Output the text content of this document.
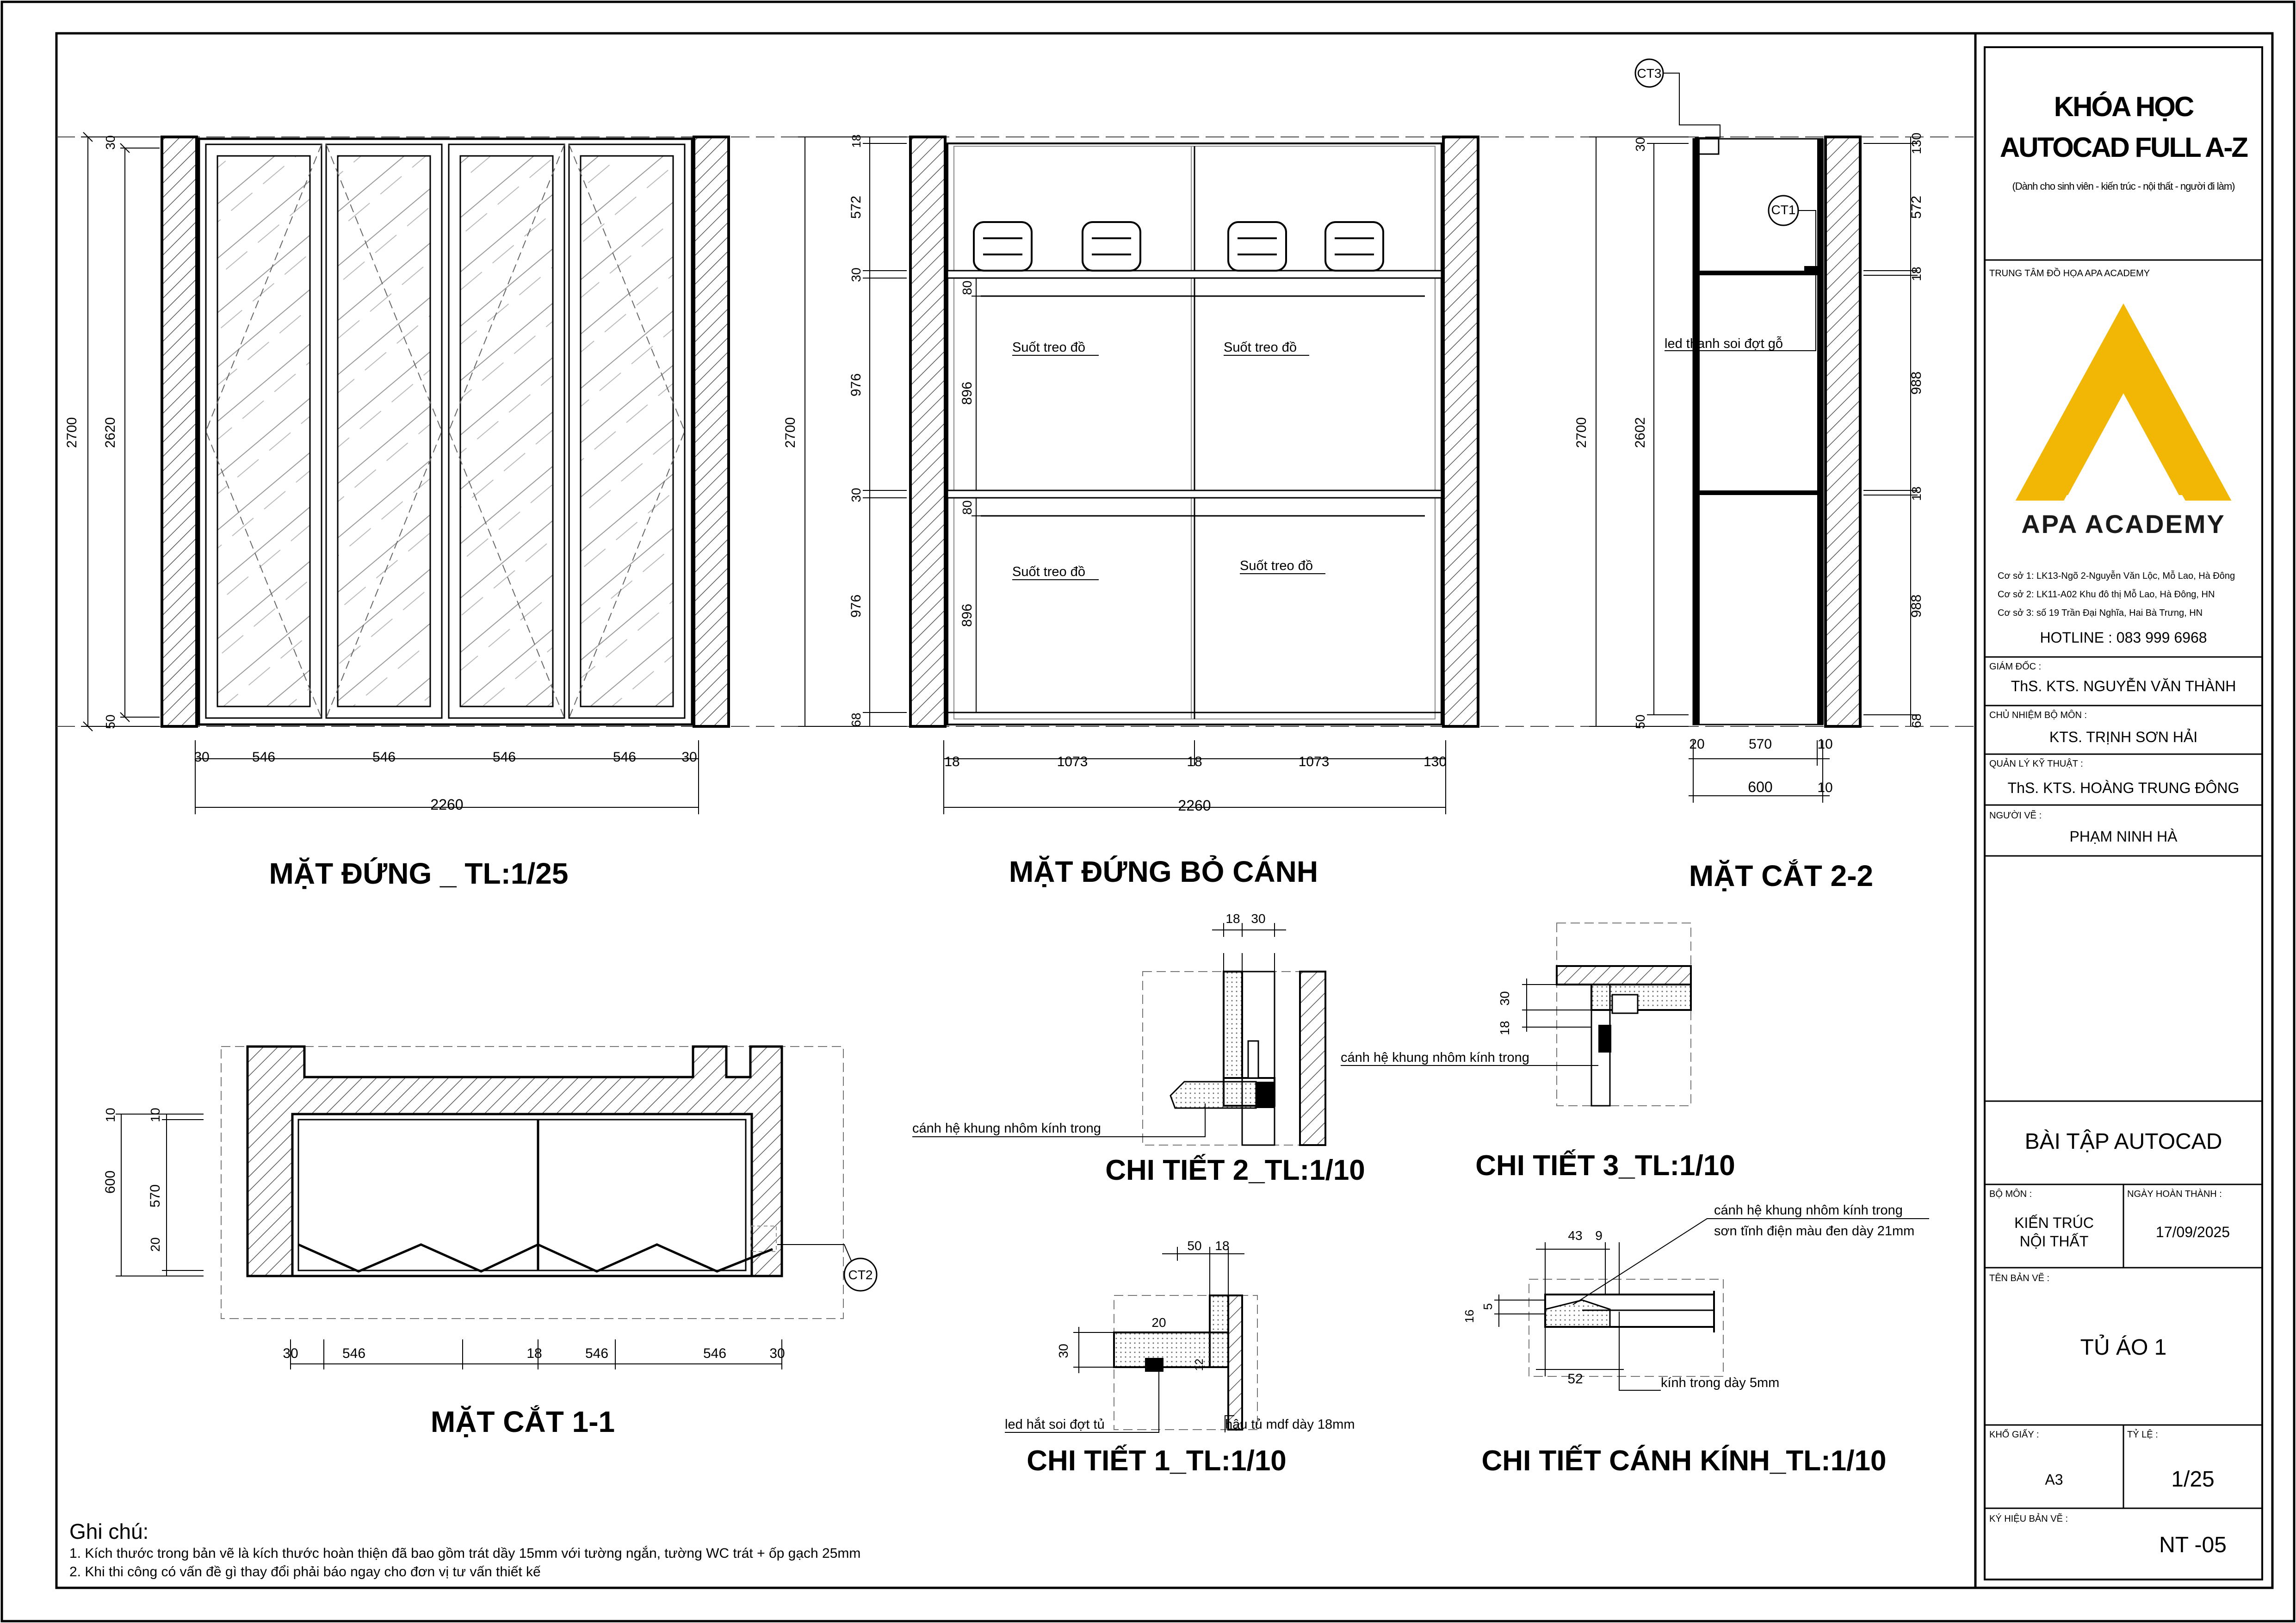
2700 2620
30
50
30	546	546	546	546	30
2260
MẶT ĐỨNG _ TL:1/25
Suốt treo đồ	Suốt treo đồ
Suốt treo đồ	Suốt treo đồ
2700
18
572
30
976
30
976
68
80
896
80
896
18	1073	18	1073	130
2260
MẶT ĐỨNG BỎ CÁNH
CT3
CT1
led thanh soi đợt gỗ
2700
30
2602
50
130
572
18
988
18
988
68
20	570	10
600	10
MẶT CẮT 2-2
CT2
600
10 10
570
20
30	546	18	546	546	30
MẶT CẮT 1-1
18 30
cánh hệ khung nhôm kính trong
CHI TIẾT 2_TL:1/10
30
18
cánh hệ khung nhôm kính trong
CHI TIẾT 3_TL:1/10
50 18
20
30
12
led hắt soi đợt tủ	hậu tủ mdf dày 18mm
CHI TIẾT 1_TL:1/10
43 9
52
5
16
cánh hệ khung nhôm kính trong
sơn tĩnh điện màu đen dày 21mm
kính trong dày 5mm
CHI TIẾT CÁNH KÍNH_TL:1/10
KHÓA HỌC
AUTOCAD FULL A-Z
(Dành cho sinh viên - kiến trúc - nội thất - người đi làm)
TRUNG TÂM ĐỒ HỌA APA ACADEMY
APA ACADEMY
Cơ sở 1: LK13-Ngõ 2-Nguyễn Văn Lộc, Mỗ Lao, Hà Đông
Cơ sở 2: LK11-A02 Khu đô thị Mỗ Lao, Hà Đông, HN
Cơ sở 3: số 19 Trần Đại Nghĩa, Hai Bà Trưng, HN
HOTLINE : 083 999 6968
GIÁM ĐỐC :
ThS. KTS. NGUYỄN VĂN THÀNH
CHỦ NHIỆM BỘ MÔN :
KTS. TRỊNH SƠN HẢI
QUẢN LÝ KỸ THUẬT :
ThS. KTS. HOÀNG TRUNG ĐÔNG
NGƯỜI VẼ :
PHẠM NINH HÀ
BÀI TẬP AUTOCAD
BỘ MÔN :
KIẾN TRÚC
NỘI THẤT
NGÀY HOÀN THÀNH :
17/09/2025
TÊN BẢN VẼ :
TỦ ÁO 1
KHỔ GIẤY :
A3
TỶ LỆ :
1/25
KÝ HIỆU BẢN VẼ :
NT -05
Ghi chú:
1. Kích thước trong bản vẽ là kích thước hoàn thiện đã bao gồm trát dầy 15mm với tường ngắn, tường WC trát + ốp gạch 25mm
2. Khi thi công có vấn đề gì thay đổi phải báo ngay cho đơn vị tư vấn thiết kế
